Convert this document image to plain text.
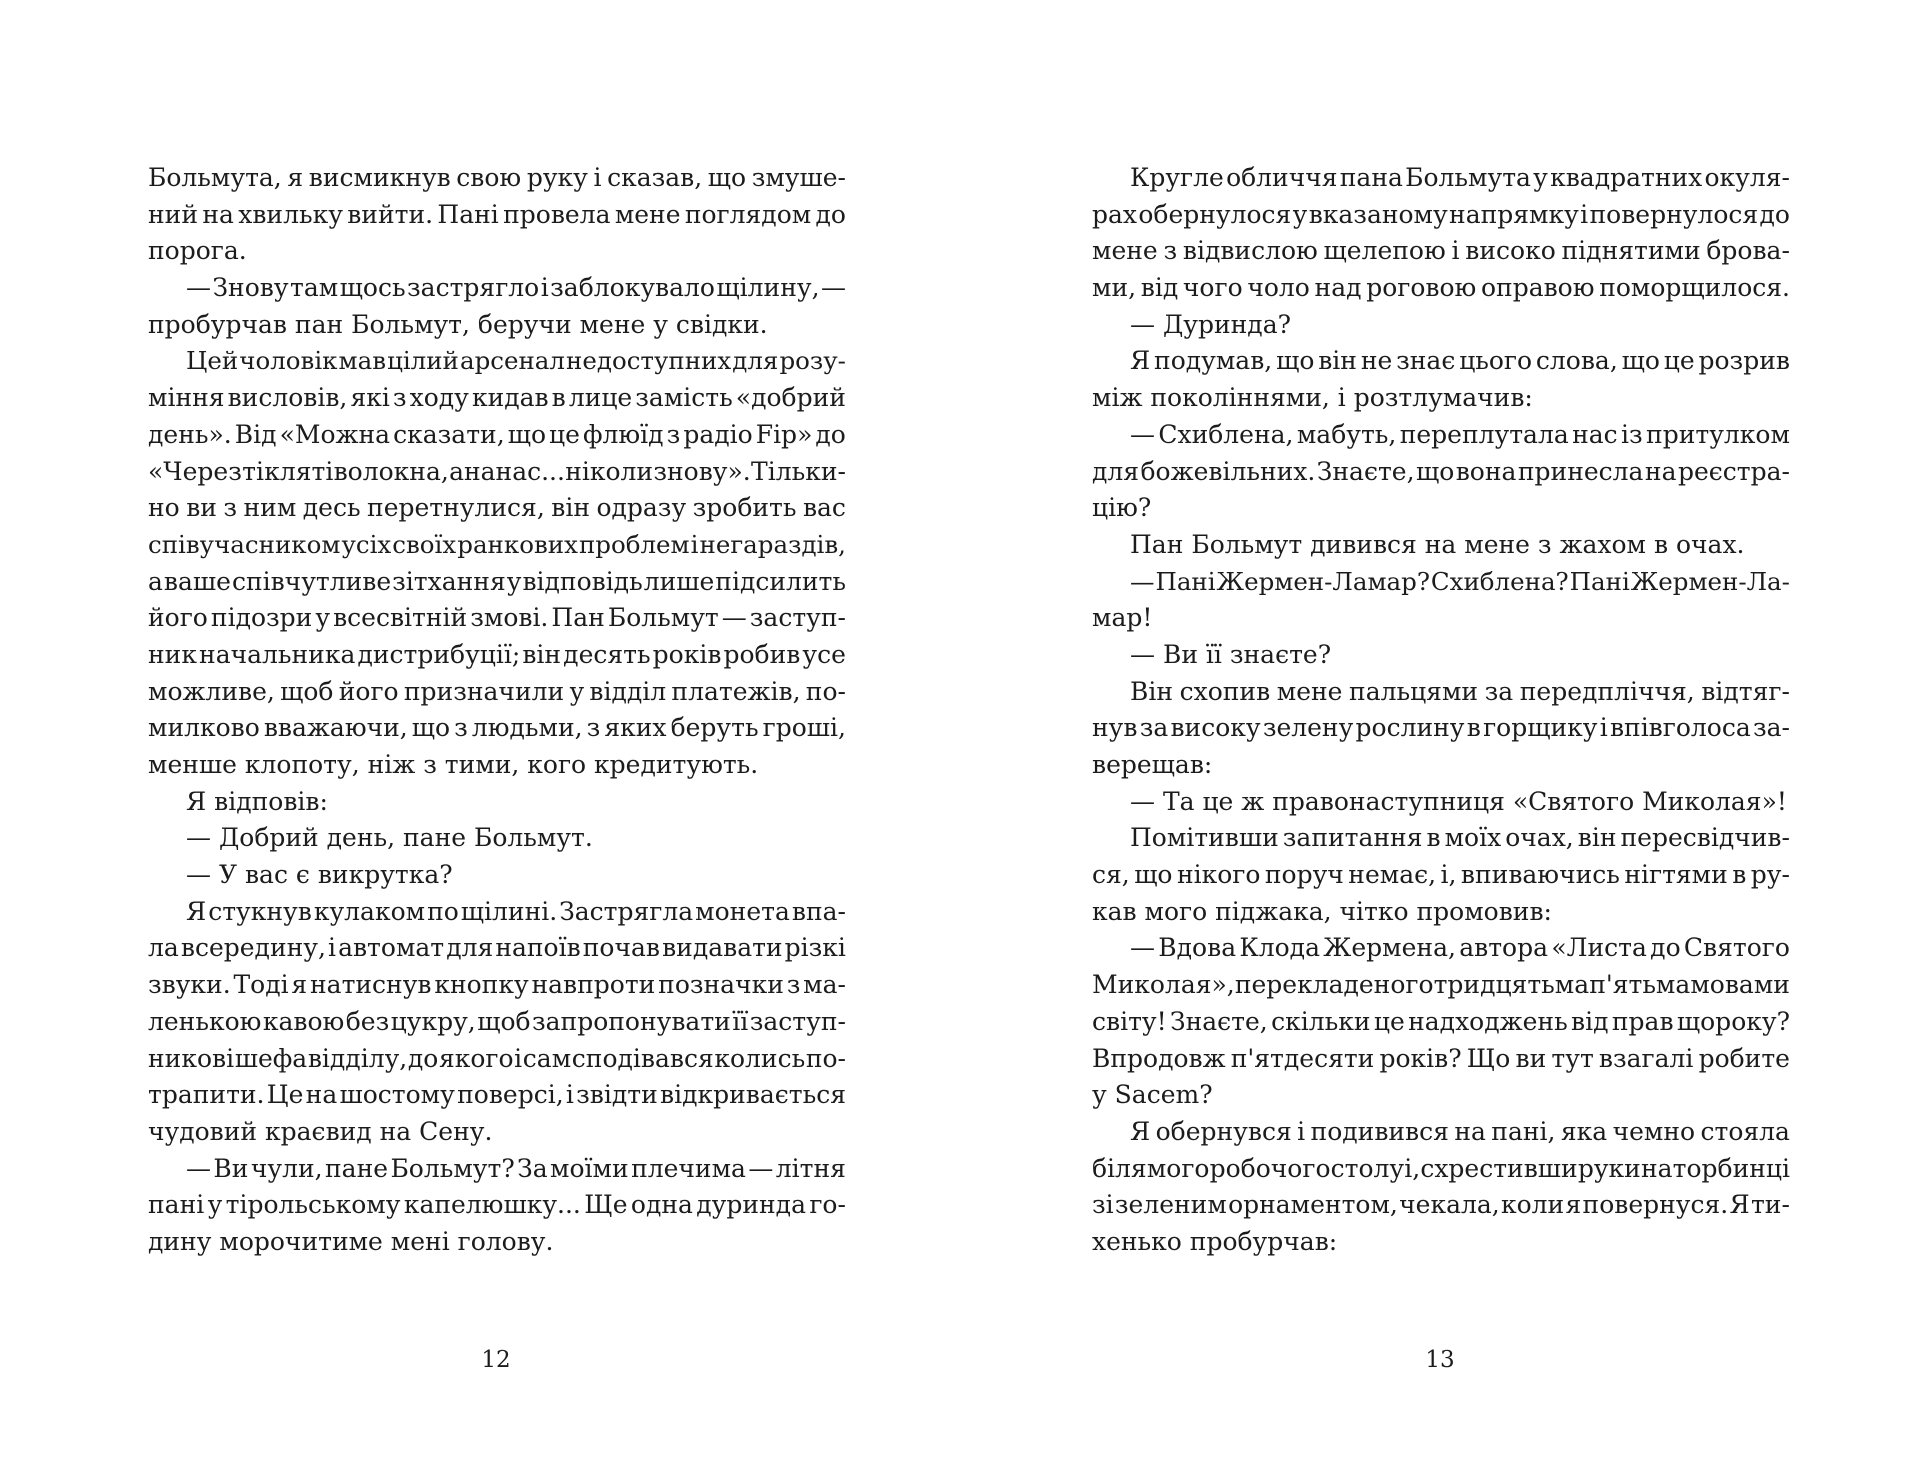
Больмута, я висмикнув свою руку і сказав, що змуше-
ний на хвильку вийти. Пані провела мене поглядом до
порога.
— Знову там щось застрягло і заблокувало щілину, —
пробурчав пан Больмут, беручи мене у свідки.
Цей чоловік мав цілий арсенал недоступних для розу-
міння висловів, які з ходу кидав в лице замість «добрий
день». Від «Можна сказати, що це флюїд з радіо Fip» до
«Через ті кляті волокна, ананас... ніколи знову». Тільки-
но ви з ним десь перетнулися, він одразу зробить вас
співучасником усіх своїх ранкових проблем і негараздів,
а ваше співчутливе зітхання у відповідь лише підсилить
його підозри у всесвітній змові. Пан Больмут — заступ-
ник начальника дистрибуції; він десять років робив усе
можливе, щоб його призначили у відділ платежів, по-
милково вважаючи, що з людьми, з яких беруть гроші,
менше клопоту, ніж з тими, кого кредитують.
Я відповів:
— Добрий день, пане Больмут.
— У вас є викрутка?
Я стукнув кулаком по щілині. Застрягла монета впа-
ла всередину, і автомат для напоїв почав видавати різкі
звуки. Тоді я натиснув кнопку навпроти позначки з ма-
ленькою кавою без цукру, щоб запропонувати її заступ-
никові шефа відділу, до якого і сам сподівався колись по-
трапити. Це на шостому поверсі, і звідти відкривається
чудовий краєвид на Сену.
— Ви чули, пане Больмут? За моїми плечима — літня
пані у тірольському капелюшку... Ще одна дуринда го-
дину морочитиме мені голову.
12
Кругле обличчя пана Больмута у квадратних окуля-
рах обернулося у вказаному напрямку і повернулося до
мене з відвислою щелепою і високо піднятими брова-
ми, від чого чоло над роговою оправою поморщилося.
— Дуринда?
Я подумав, що він не знає цього слова, що це розрив
між поколіннями, і розтлумачив:
— Схиблена, мабуть, переплутала нас із притулком
для божевільних. Знаєте, що вона принесла на реєстра-
цію?
Пан Больмут дивився на мене з жахом в очах.
— Пані Жермен-Ламар? Схиблена? Пані Жермен-Ла-
мар!
— Ви її знаєте?
Він схопив мене пальцями за передпліччя, відтяг-
нув за високу зелену рослину в горщику і впівголоса за-
верещав:
— Та це ж правонаступниця «Святого Миколая»!
Помітивши запитання в моїх очах, він пересвідчив-
ся, що нікого поруч немає, і, впиваючись нігтями в ру-
кав мого піджака, чітко промовив:
— Вдова Клода Жермена, автора «Листа до Святого
Миколая», перекладеного тридцятьма п'ятьма мовами
світу! Знаєте, скільки це надходжень від прав щороку?
Впродовж п'ятдесяти років? Що ви тут взагалі робите
у Sacem?
Я обернувся і подивився на пані, яка чемно стояла
біля мого робочого столу і, схрестивши руки на торбинці
зі зеленим орнаментом, чекала, коли я повернуся. Я ти-
хенько пробурчав:
13
